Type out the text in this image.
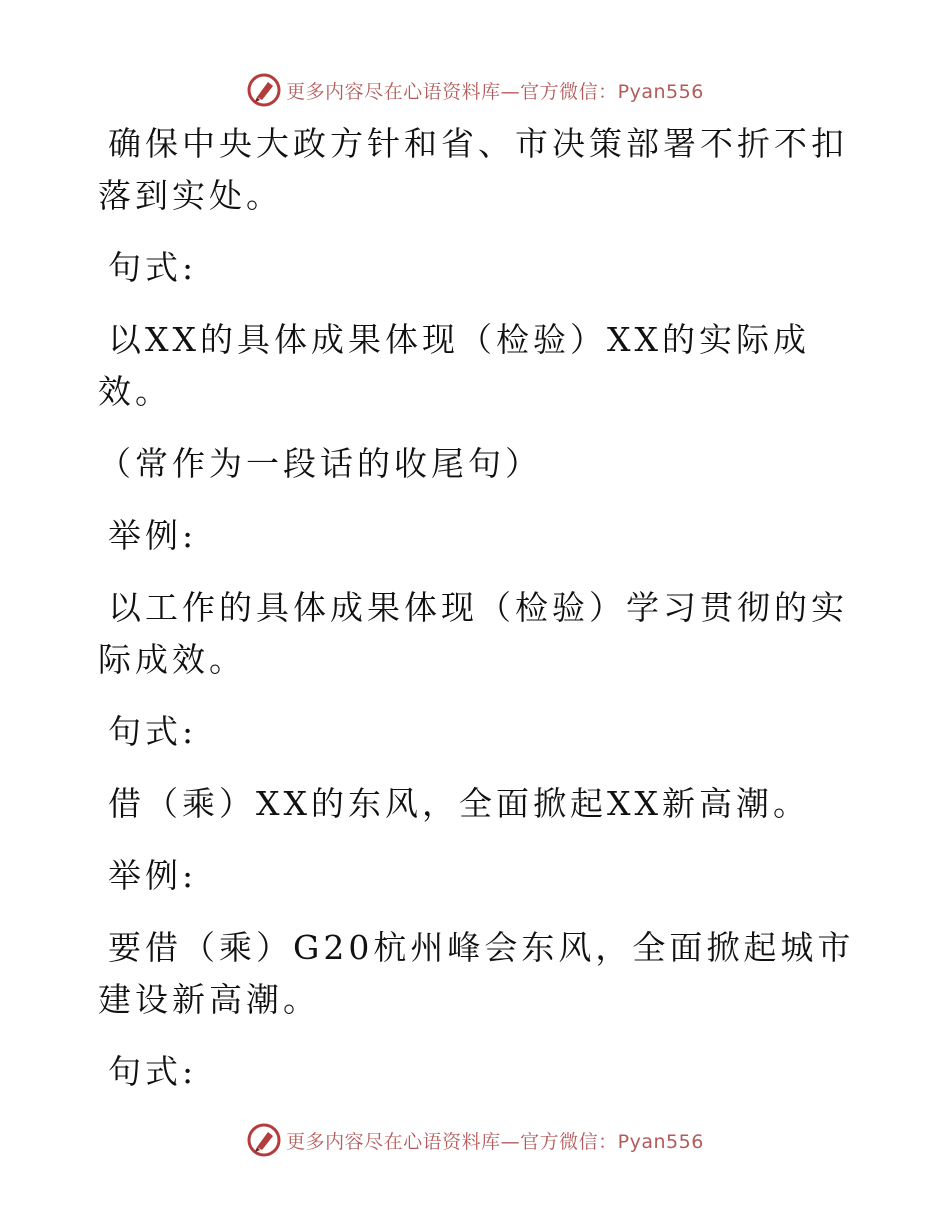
更多内容尽在心语资料库—官方微信：Pyan556

确保中央大政方针和省、市决策部署不折不扣落到实处。

句式:

以XX的具体成果体现（检验）XX的实际成效。

（常作为一段话的收尾句）

举例:

以工作的具体成果体现（检验）学习贯彻的实际成效。

句式:

借（乘）XX的东风，全面掀起XX新高潮。

举例:

要借（乘）G20杭州峰会东风，全面掀起城市建设新高潮。

句式:

更多内容尽在心语资料库—官方微信：Pyan556
